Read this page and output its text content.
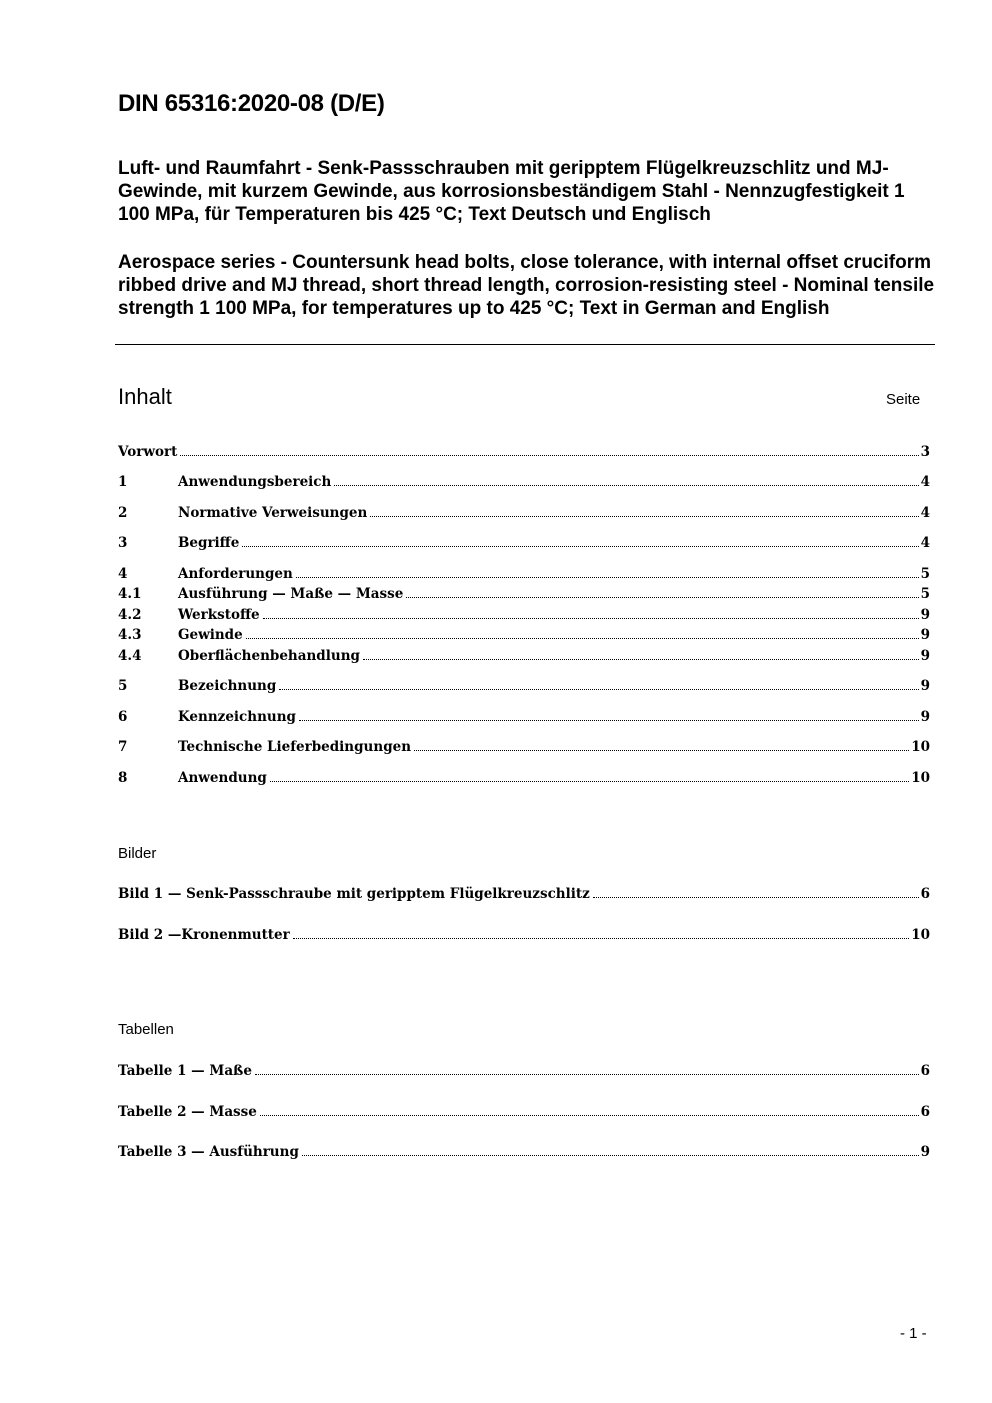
DIN 65316:2020-08 (D/E)
Luft- und Raumfahrt - Senk-Passschrauben mit geripptem Flügelkreuzschlitz und MJ-Gewinde, mit kurzem Gewinde, aus korrosionsbeständigem Stahl - Nennzugfestigkeit 1 100 MPa, für Temperaturen bis 425 °C; Text Deutsch und Englisch
Aerospace series - Countersunk head bolts, close tolerance, with internal offset cruciform ribbed drive and MJ thread, short thread length, corrosion-resisting steel - Nominal tensile strength 1 100 MPa, for temperatures up to 425 °C; Text in German and English
Inhalt	Seite
Vorwort	3
1	Anwendungsbereich	4
2	Normative Verweisungen	4
3	Begriffe	4
4	Anforderungen	5
4.1	Ausführung — Maße — Masse	5
4.2	Werkstoffe	9
4.3	Gewinde	9
4.4	Oberflächenbehandlung	9
5	Bezeichnung	9
6	Kennzeichnung	9
7	Technische Lieferbedingungen	10
8	Anwendung	10
Bilder
Bild 1 — Senk-Passschraube mit geripptem Flügelkreuzschlitz	6
Bild 2 —Kronenmutter	10
Tabellen
Tabelle 1 — Maße	6
Tabelle 2 — Masse	6
Tabelle 3 — Ausführung	9
- 1 -
